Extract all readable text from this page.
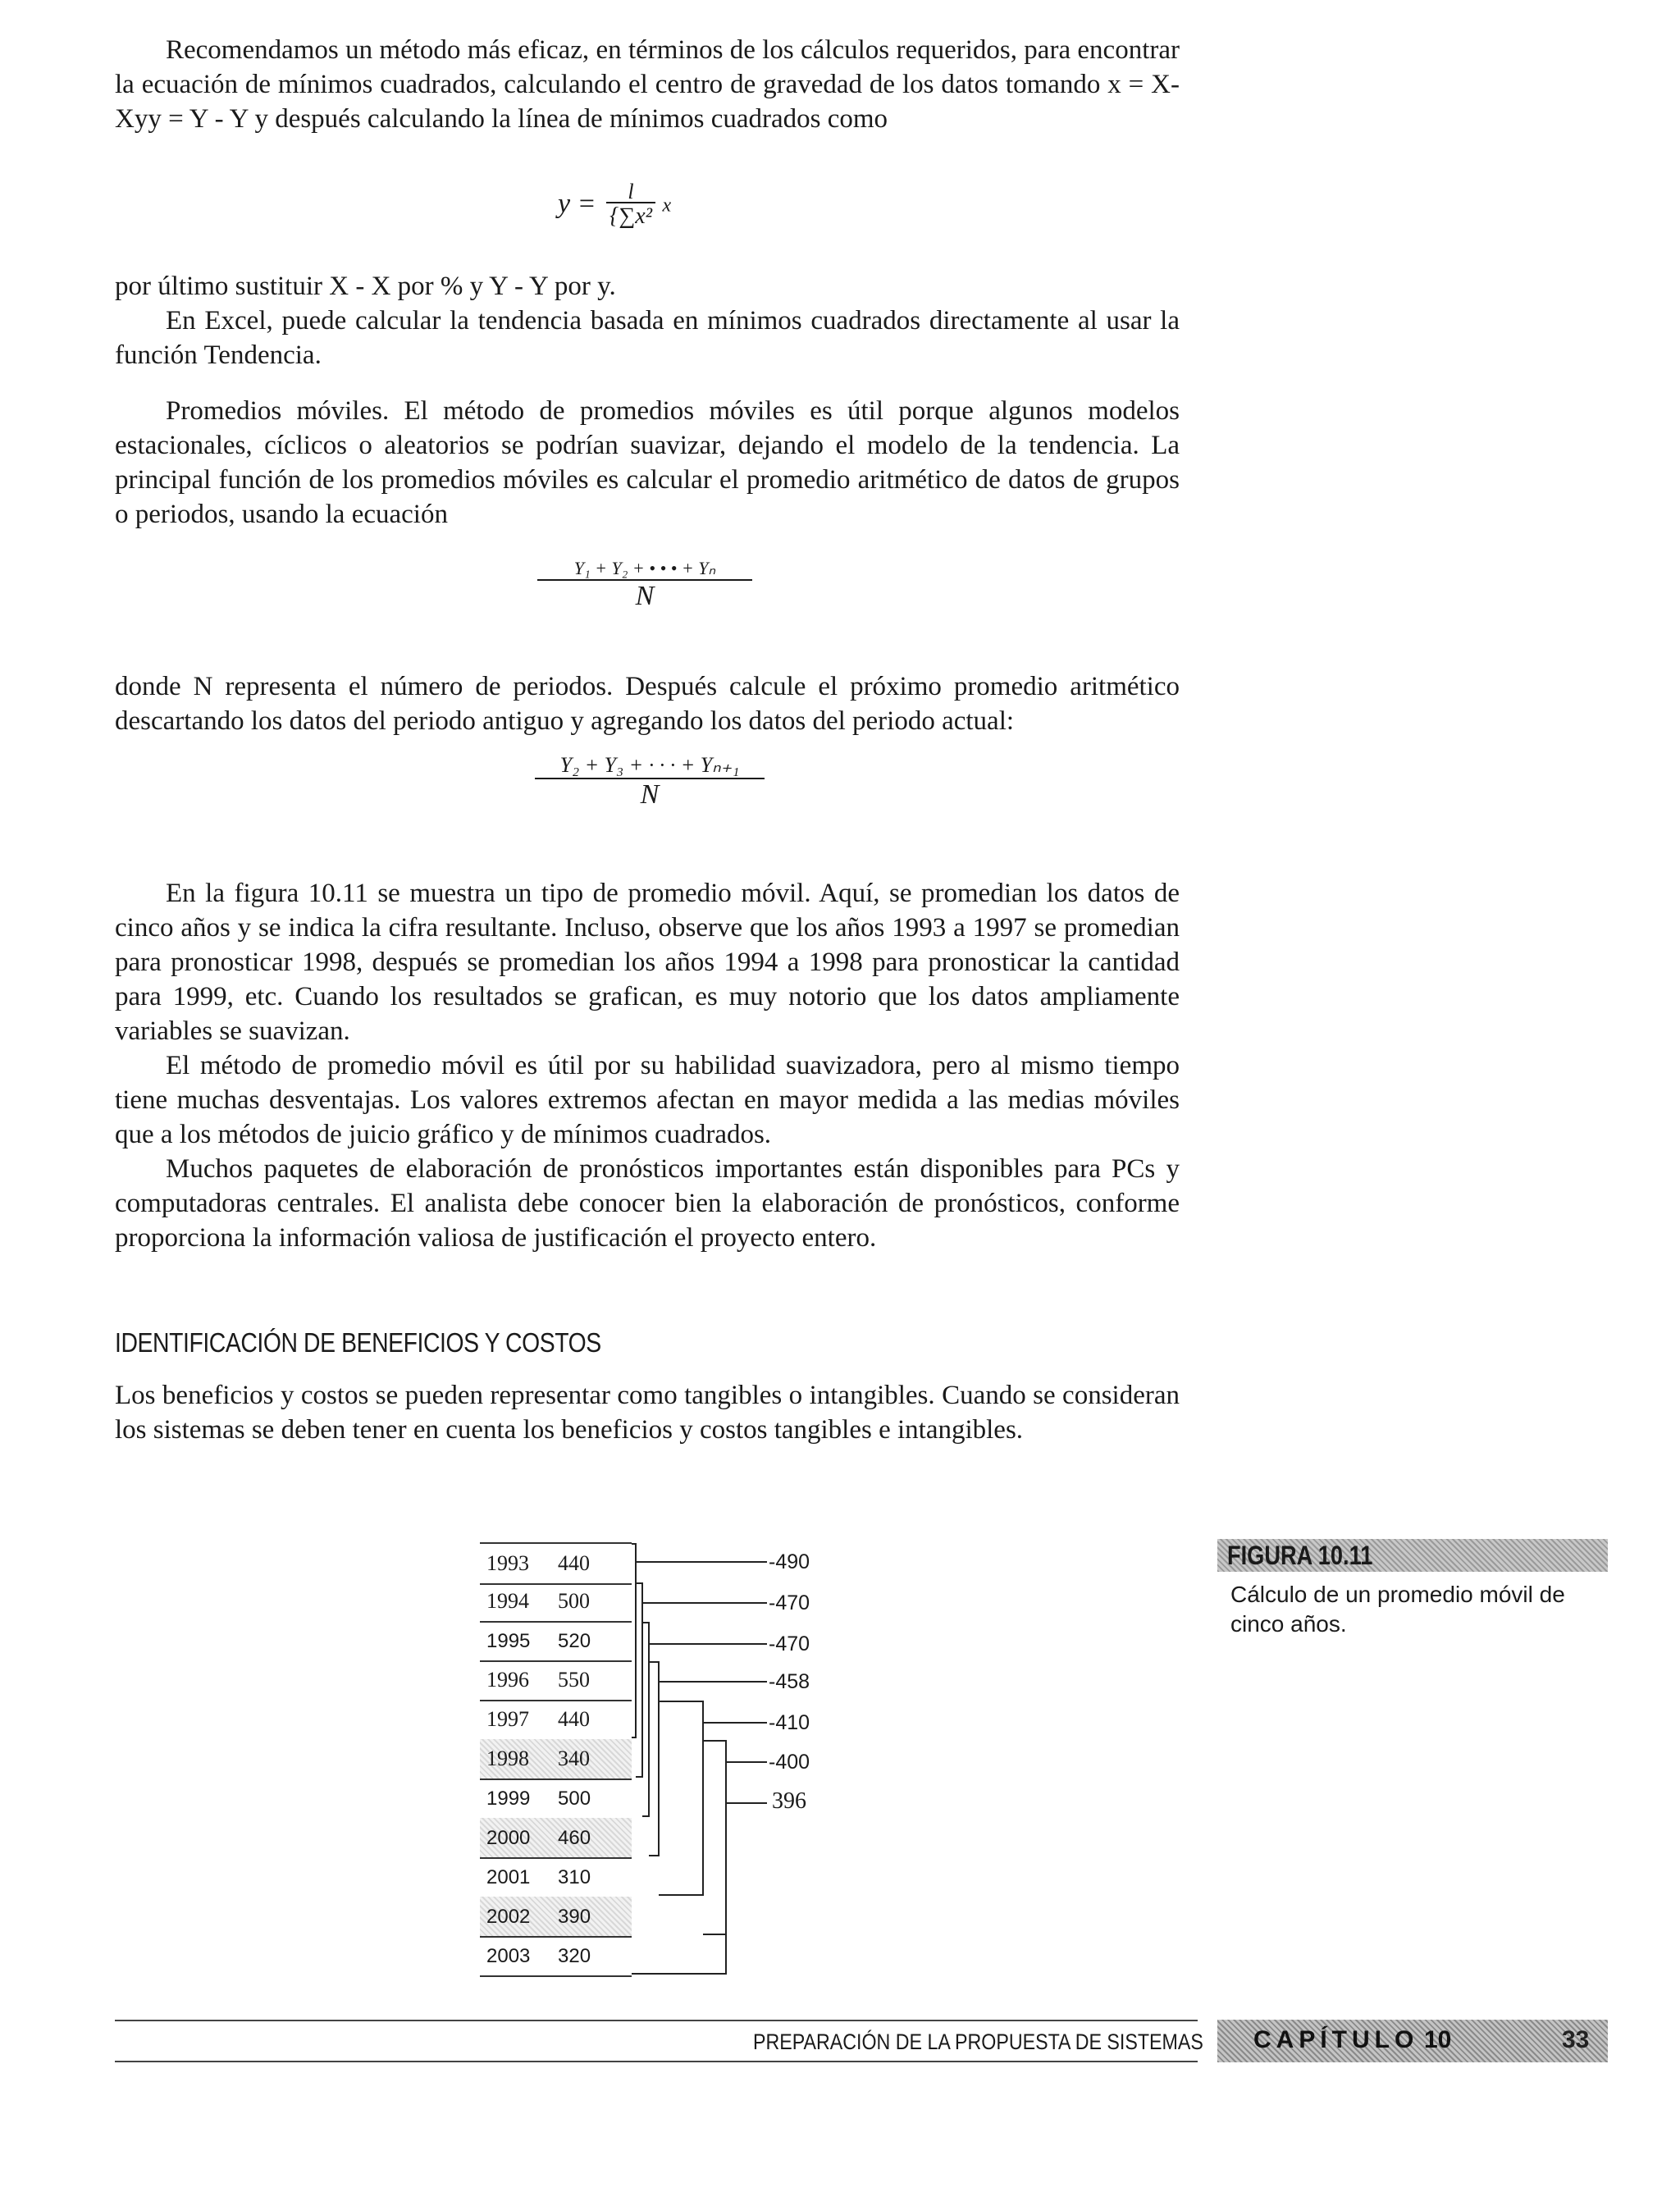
Recomendamos un método más eficaz, en términos de los cálculos requeridos, para encontrar la ecuación de mínimos cuadrados, calculando el centro de gravedad de los datos tomando x = X-Xyy = Y - Y y después calculando la línea de mínimos cuadrados como

$y = \frac{l}{\text{\{∑x²}}$ x

por último sustituir X - X por % y Y - Y por y.

En Excel, puede calcular la tendencia basada en mínimos cuadrados directamente al usar la función Tendencia.

Promedios móviles. El método de promedios móviles es útil porque algunos modelos estacionales, cíclicos o aleatorios se podrían suavizar, dejando el modelo de la tendencia. La principal función de los promedios móviles es calcular el promedio aritmético de datos de grupos o periodos, usando la ecuación

Y₁ + Y₂ + • • • + Yₙ
N

donde N representa el número de periodos. Después calcule el próximo promedio aritmético descartando los datos del periodo antiguo y agregando los datos del periodo actual:

Y₂ + Y₃ + · · · + Yₙ₊₁
N

En la figura 10.11 se muestra un tipo de promedio móvil. Aquí, se promedian los datos de cinco años y se indica la cifra resultante. Incluso, observe que los años 1993 a 1997 se promedian para pronosticar 1998, después se promedian los años 1994 a 1998 para pronosticar la cantidad para 1999, etc. Cuando los resultados se grafican, es muy notorio que los datos ampliamente variables se suavizan.

El método de promedio móvil es útil por su habilidad suavizadora, pero al mismo tiempo tiene muchas desventajas. Los valores extremos afectan en mayor medida a las medias móviles que a los métodos de juicio gráfico y de mínimos cuadrados.

Muchos paquetes de elaboración de pronósticos importantes están disponibles para PCs y computadoras centrales. El analista debe conocer bien la elaboración de pronósticos, conforme proporciona la información valiosa de justificación el proyecto entero.

IDENTIFICACIÓN DE BENEFICIOS Y COSTOS

Los beneficios y costos se pueden representar como tangibles o intangibles. Cuando se consideran los sistemas se deben tener en cuenta los beneficios y costos tangibles e intangibles.

1993 440
1994 500
1995 520
1996 550
1997 440
1998 340
1999 500
2000 460
2001 310
2002 390
2003 320
-490
-470
-470
-458
-410
-400
396
FIGURA 10.11
Cálculo de un promedio móvil de cinco años.
PREPARACIÓN DE LA PROPUESTA DE SISTEMAS CAPÍTULO 10	33
